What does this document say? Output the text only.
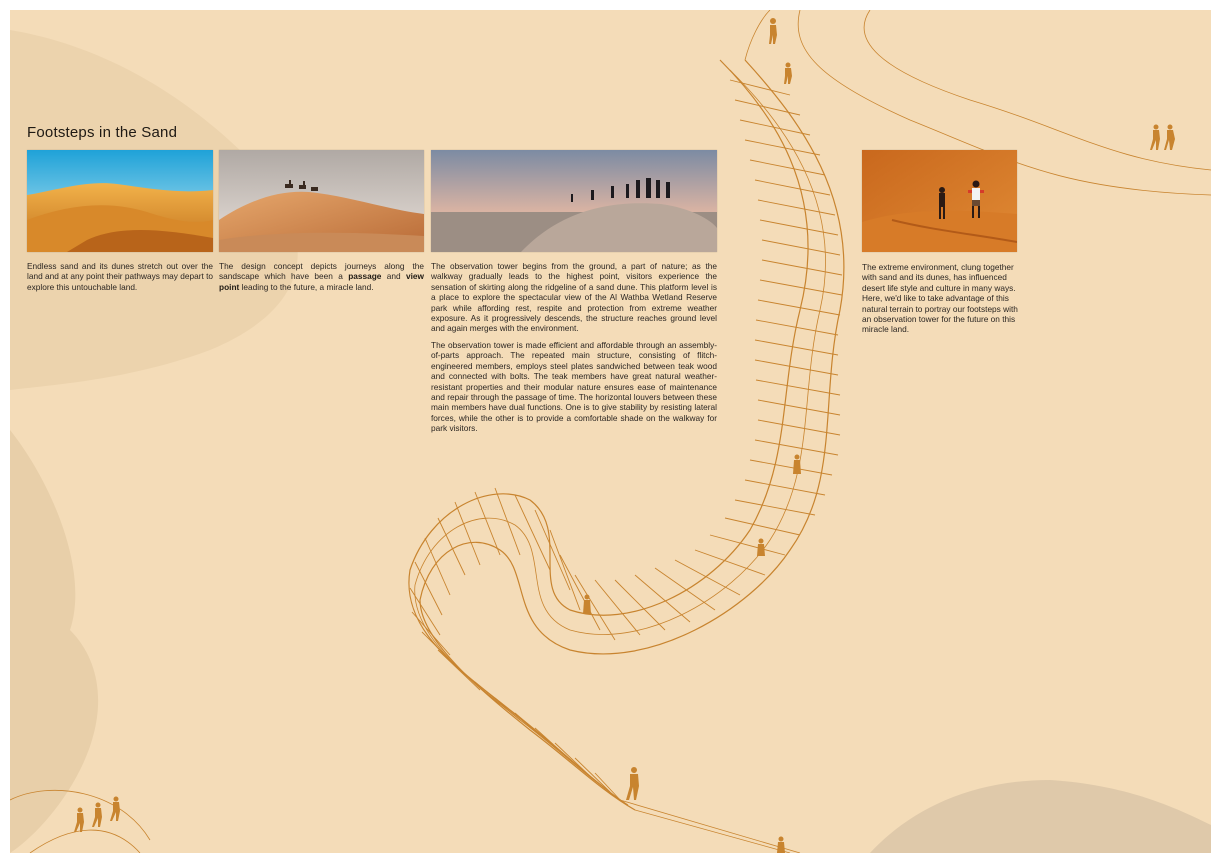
Footsteps in the Sand

Endless sand and its dunes stretch out over the land and at any point their pathways may depart to explore this untouchable land.

The design concept depicts journeys along the sandscape which have been a passage and view point leading to the future, a miracle land.

The observation tower begins from the ground, a part of nature; as the walkway gradually leads to the highest point, visitors experience the sensation of skirting along the ridgeline of a sand dune. This platform level is a place to explore the spectacular view of the Al Wathba Wetland Reserve park while affording rest, respite and protection from extreme weather exposure. As it progressively descends, the structure reaches ground level and again merges with the environment.

The observation tower is made efficient and affordable through an assembly-of-parts approach. The repeated main structure, consisting of flitch-engineered members, employs steel plates sandwiched between teak wood and connected with bolts. The teak members have great natural weather-resistant properties and their modular nature ensures ease of maintenance and repair through the passage of time. The horizontal louvers between these main members have dual functions. One is to give stability by resisting lateral forces, while the other is to provide a comfortable shade on the walkway for park visitors.

The extreme environment, clung together with sand and its dunes, has influenced desert life style and culture in many ways. Here, we'd like to take advantage of this natural terrain to portray our footsteps with an observation tower for the future on this miracle land.
